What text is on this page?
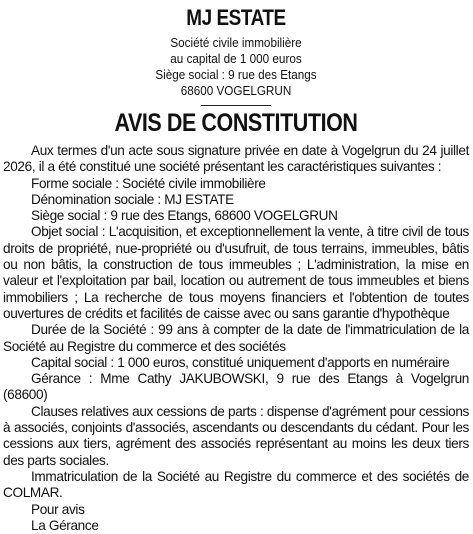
MJ ESTATE
Société civile immobilière
au capital de 1 000 euros
Siège social : 9 rue des Etangs
68600 VOGELGRUN
AVIS DE CONSTITUTION

Aux termes d'un acte sous signature privée en date à Vogelgrun du 24 juillet 2026, il a été constitué une société présentant les caractéristiques suivantes :

Forme sociale : Société civile immobilière

Dénomination sociale : MJ ESTATE

Siège social : 9 rue des Etangs, 68600 VOGELGRUN

Objet social : L'acquisition, et exceptionnellement la vente, à titre civil de tous droits de propriété, nue-propriété ou d'usufruit, de tous terrains, immeubles, bâtis ou non bâtis, la construction de tous immeubles ; L'administration, la mise en valeur et l'exploitation par bail, location ou autrement de tous immeubles et biens immobiliers ; La recherche de tous moyens financiers et l'obtention de toutes ouvertures de crédits et facilités de caisse avec ou sans garantie d'hypothèque

Durée de la Société : 99 ans à compter de la date de l'immatriculation de la Société au Registre du commerce et des sociétés

Capital social : 1 000 euros, constitué uniquement d'apports en numéraire

Gérance : Mme Cathy JAKUBOWSKI, 9 rue des Etangs à Vogelgrun (68600)

Clauses relatives aux cessions de parts : dispense d'agrément pour cessions à associés, conjoints d'associés, ascendants ou descendants du cédant. Pour les cessions aux tiers, agrément des associés représentant au moins les deux tiers des parts sociales.

Immatriculation de la Société au Registre du commerce et des sociétés de COLMAR.

Pour avis

La Gérance
